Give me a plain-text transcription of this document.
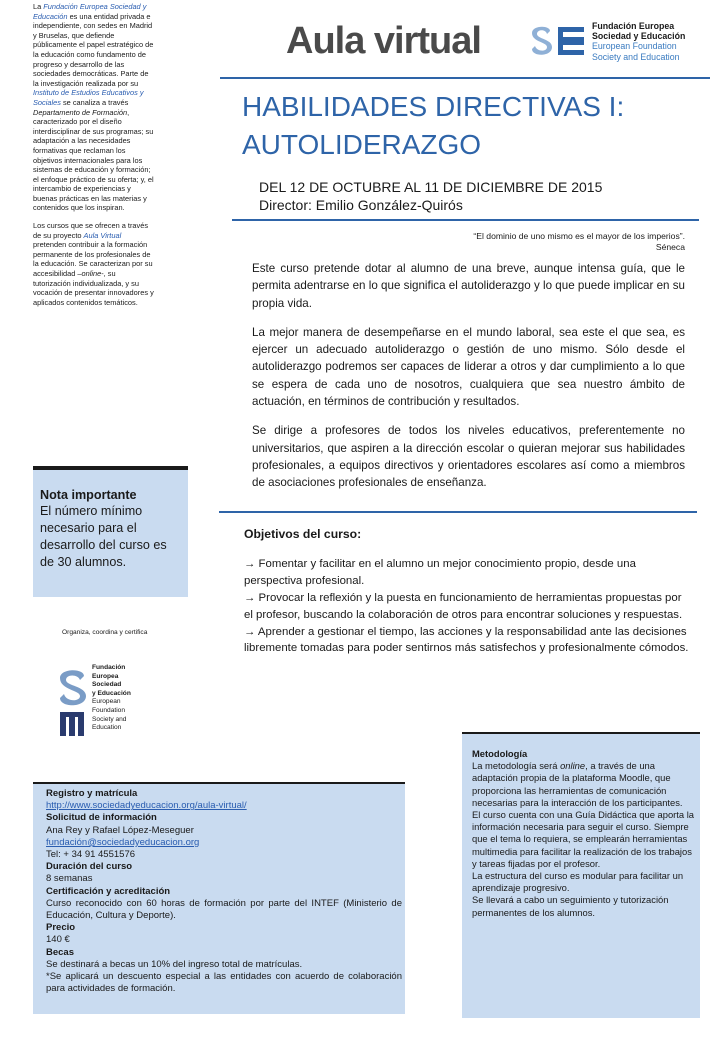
La Fundación Europea Sociedad y Educación es una entidad privada e independiente, con sedes en Madrid y Bruselas, que defiende públicamente el papel estratégico de la educación como fundamento de progreso y desarrollo de las sociedades democráticas. Parte de la investigación realizada por su Instituto de Estudios Educativos y Sociales se canaliza a través Departamento de Formación, caracterizado por el diseño interdisciplinar de sus programas; su adaptación a las necesidades formativas que reclaman los objetivos internacionales para los sistemas de educación y formación; el enfoque práctico de su oferta; y, el intercambio de experiencias y buenas prácticas en las materias y contenidos que los inspiran.

Los cursos que se ofrecen a través de su proyecto Aula Virtual pretenden contribuir a la formación permanente de los profesionales de la educación. Se caracterizan por su accesibilidad –online-, su tutorización individualizada, y su vocación de presentar innovadores y aplicados contenidos temáticos.

Nota importante
El número mínimo necesario para el desarrollo del curso es de 30 alumnos.
Organiza, coordina y certifica
Fundación
Europea
Sociedad
y Educación
European
Foundation
Society and
Education
Aula virtual	Fundación Europea
Sociedad y Educación
European Foundation
Society and Education
HABILIDADES DIRECTIVAS I:
AUTOLIDERAZGO
DEL 12 DE OCTUBRE AL 11 DE DICIEMBRE DE 2015
Director: Emilio González-Quirós
“El dominio de uno mismo es el mayor de los imperios”.
Séneca

Este curso pretende dotar al alumno de una breve, aunque intensa guía, que le permita adentrarse en lo que significa el autoliderazgo y lo que puede implicar en su propia vida.

La mejor manera de desempeñarse en el mundo laboral, sea este el que sea, es ejercer un adecuado autoliderazgo o gestión de uno mismo. Sólo desde el autoliderazgo podremos ser capaces de liderar a otros y dar cumplimiento a lo que se espera de cada uno de nosotros, cualquiera que sea nuestro ámbito de actuación, en términos de contribución y resultados.

Se dirige a profesores de todos los niveles educativos, preferentemente no universitarios, que aspiren a la dirección escolar o quieran mejorar sus habilidades profesionales, a equipos directivos y orientadores escolares así como a miembros de asociaciones profesionales de enseñanza.

Objetivos del curso:

→ Fomentar y facilitar en el alumno un mejor conocimiento propio, desde una perspectiva profesional.

→ Provocar la reflexión y la puesta en funcionamiento de herramientas propuestas por el profesor, buscando la colaboración de otros para encontrar soluciones y respuestas.

→ Aprender a gestionar el tiempo, las acciones y la responsabilidad ante las decisiones libremente tomadas para poder sentirnos más satisfechos y profesionalmente cómodos.

Registro y matrícula
http://www.sociedadyeducacion.org/aula-virtual/
Solicitud de información
Ana Rey y Rafael López-Meseguer
fundación@sociedadyeducacion.org
Tel: + 34 91 4551576
Duración del curso
8 semanas
Certificación y acreditación
Curso reconocido con 60 horas de formación por parte del INTEF (Ministerio de Educación, Cultura y Deporte).
Precio
140 €
Becas
Se destinará a becas un 10% del ingreso total de matrículas.
*Se aplicará un descuento especial a las entidades con acuerdo de colaboración para actividades de formación.
Metodología
La metodología será online, a través de una adaptación propia de la plataforma Moodle, que proporciona las herramientas de comunicación necesarias para la interacción de los participantes.
El curso cuenta con una Guía Didáctica que aporta la información necesaria para seguir el curso. Siempre que el tema lo requiera, se emplearán herramientas multimedia para facilitar la realización de los trabajos y tareas fijadas por el profesor.
La estructura del curso es modular para facilitar un aprendizaje progresivo.
Se llevará a cabo un seguimiento y tutorización permanentes de los alumnos.
